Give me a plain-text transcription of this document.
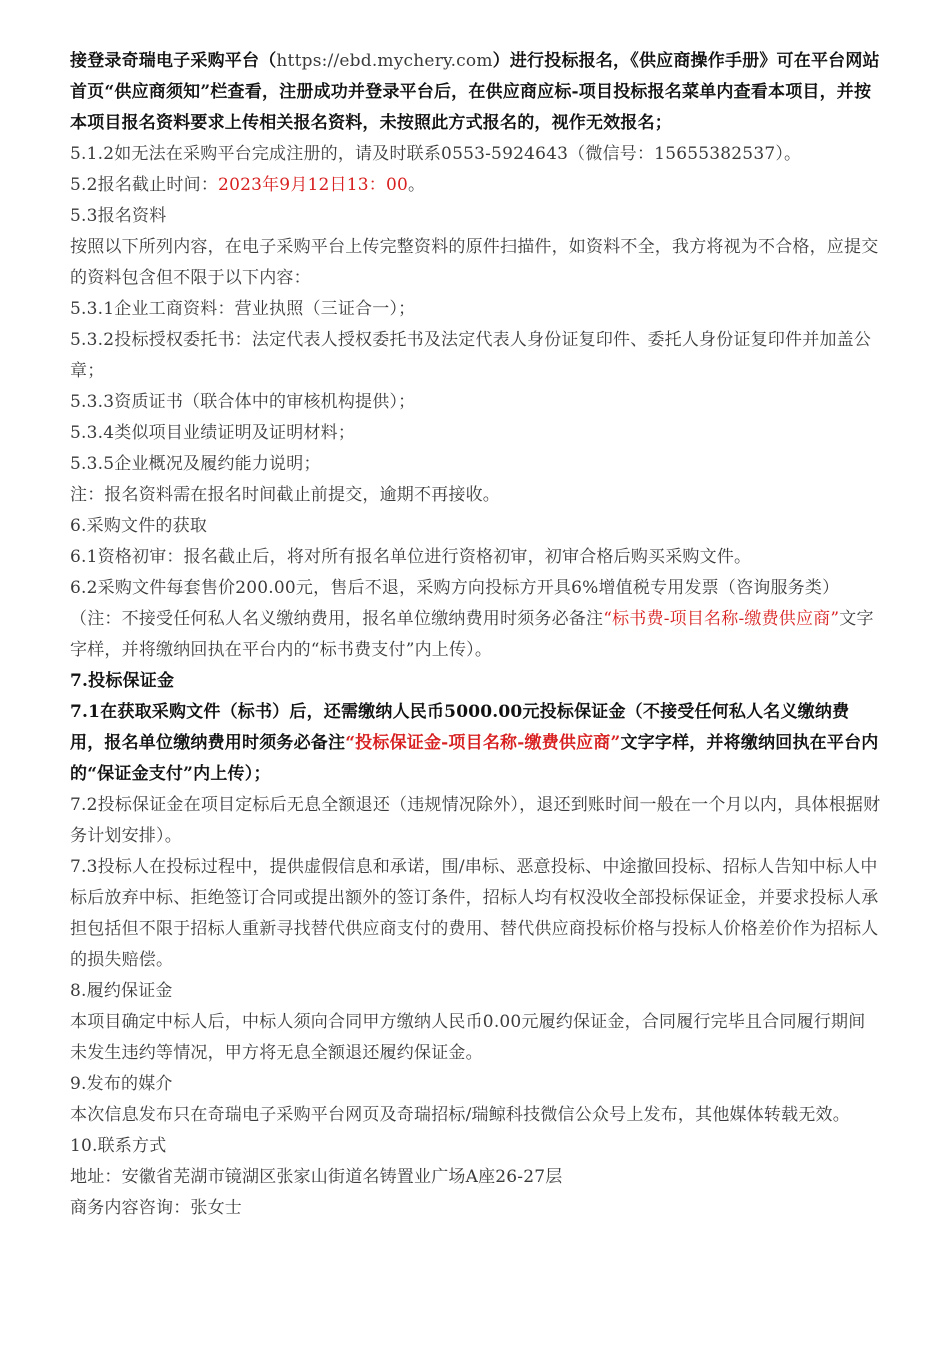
接登录奇瑞电子采购平台（https://ebd.mychery.com）进行投标报名，《供应商操作手册》可在平台网站首页“供应商须知”栏查看，注册成功并登录平台后，在供应商应标-项目投标报名菜单内查看本项目，并按本项目报名资料要求上传相关报名资料，未按照此方式报名的，视作无效报名；

5.1.2如无法在采购平台完成注册的，请及时联系0553-5924643（微信号：15655382537）。

5.2报名截止时间：2023年9月12日13：00。

5.3报名资料

按照以下所列内容，在电子采购平台上传完整资料的原件扫描件，如资料不全，我方将视为不合格，应提交的资料包含但不限于以下内容：

5.3.1企业工商资料：营业执照（三证合一）；

5.3.2投标授权委托书：法定代表人授权委托书及法定代表人身份证复印件、委托人身份证复印件并加盖公章；

5.3.3资质证书（联合体中的审核机构提供）；

5.3.4类似项目业绩证明及证明材料；

5.3.5企业概况及履约能力说明；

注：报名资料需在报名时间截止前提交，逾期不再接收。

6.采购文件的获取

6.1资格初审：报名截止后，将对所有报名单位进行资格初审，初审合格后购买采购文件。

6.2采购文件每套售价200.00元，售后不退，采购方向投标方开具6%增值税专用发票（咨询服务类）（注：不接受任何私人名义缴纳费用，报名单位缴纳费用时须务必备注“标书费-项目名称-缴费供应商”文字字样，并将缴纳回执在平台内的“标书费支付”内上传）。

7.投标保证金

7.1在获取采购文件（标书）后，还需缴纳人民币5000.00元投标保证金（不接受任何私人名义缴纳费用，报名单位缴纳费用时须务必备注“投标保证金-项目名称-缴费供应商”文字字样，并将缴纳回执在平台内的“保证金支付”内上传）；

7.2投标保证金在项目定标后无息全额退还（违规情况除外），退还到账时间一般在一个月以内，具体根据财务计划安排）。

7.3投标人在投标过程中，提供虚假信息和承诺，围/串标、恶意投标、中途撤回投标、招标人告知中标人中标后放弃中标、拒绝签订合同或提出额外的签订条件，招标人均有权没收全部投标保证金，并要求投标人承担包括但不限于招标人重新寻找替代供应商支付的费用、替代供应商投标价格与投标人价格差价作为招标人的损失赔偿。

8.履约保证金

本项目确定中标人后，中标人须向合同甲方缴纳人民币0.00元履约保证金，合同履行完毕且合同履行期间未发生违约等情况，甲方将无息全额退还履约保证金。

9.发布的媒介

本次信息发布只在奇瑞电子采购平台网页及奇瑞招标/瑞鲸科技微信公众号上发布，其他媒体转载无效。

10.联系方式

地址：安徽省芜湖市镜湖区张家山街道名铸置业广场A座26-27层

商务内容咨询：张女士
